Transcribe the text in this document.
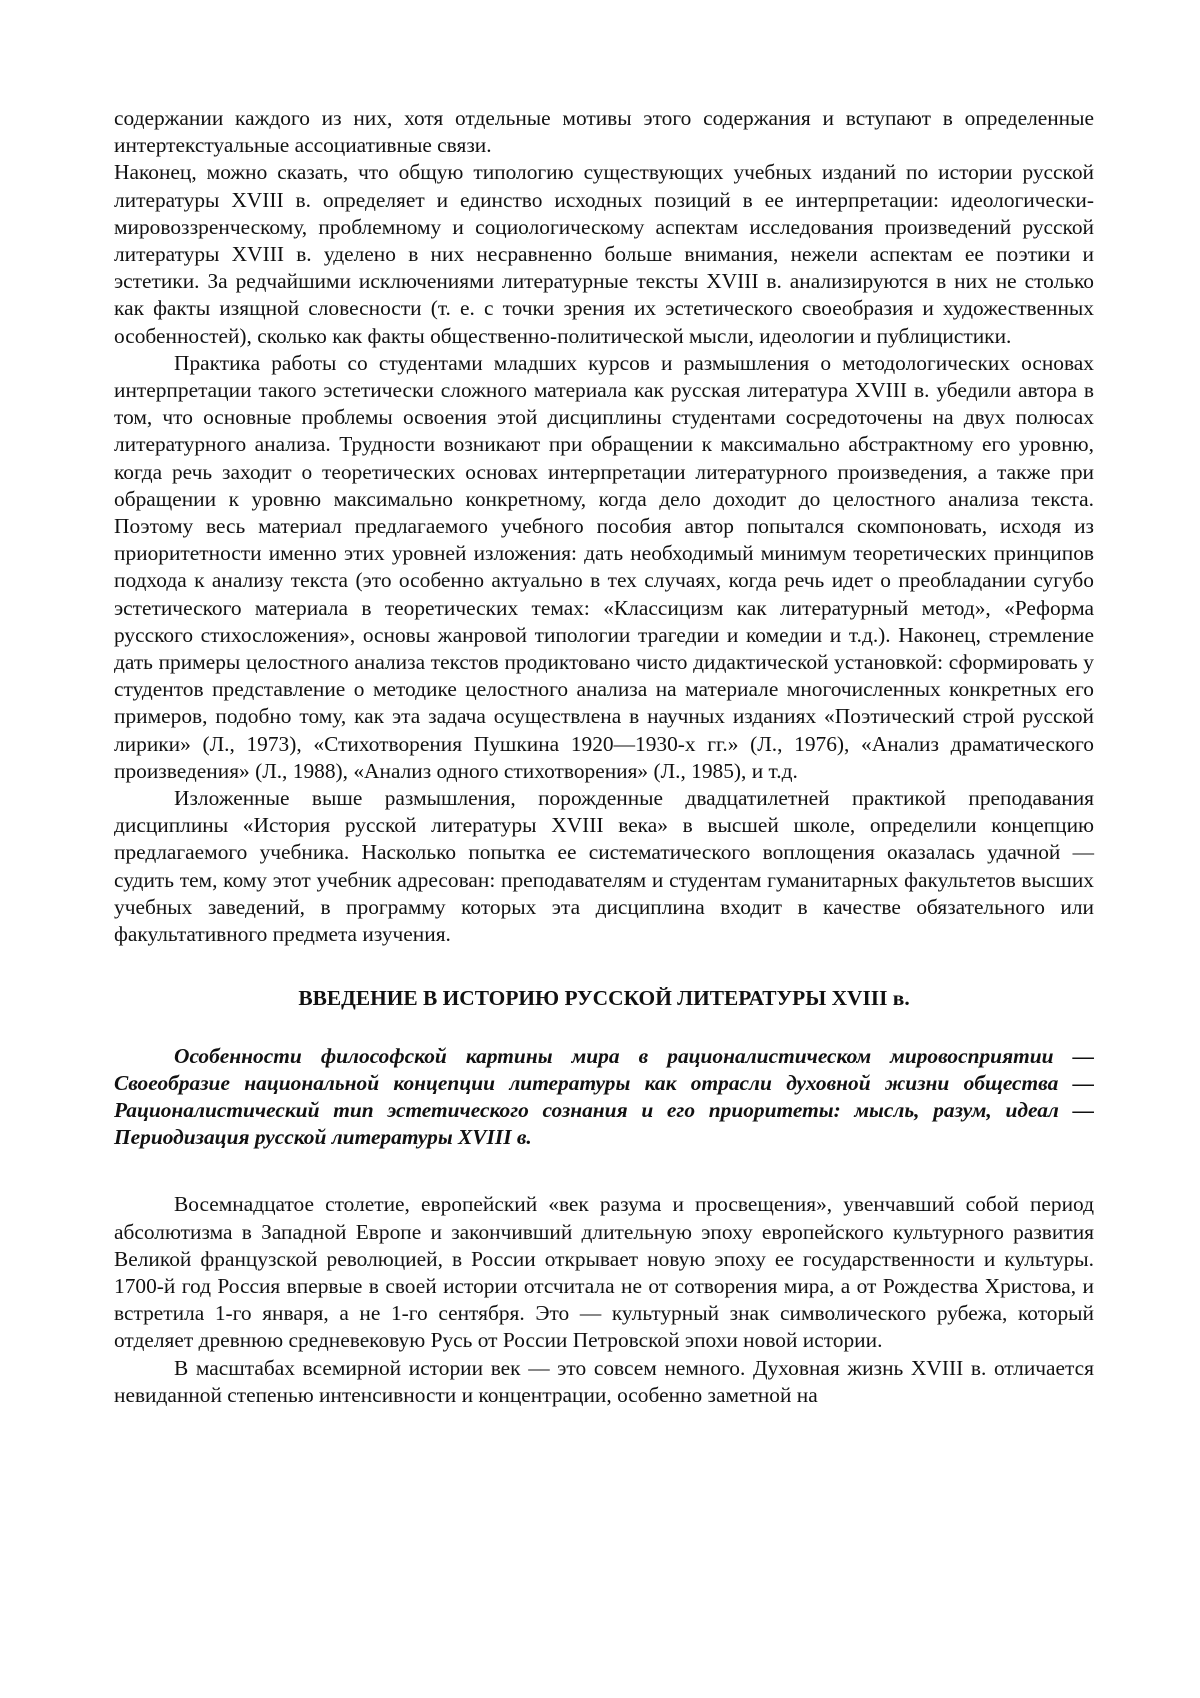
содержании каждого из них, хотя отдельные мотивы этого содержания и вступают в определенные интертекстуальные ассоциативные связи.

Наконец, можно сказать, что общую типологию существующих учебных изданий по истории русской литературы XVIII в. определяет и единство исходных позиций в ее интерпретации: идеологически-мировоззренческому, проблемному и социологическому аспектам исследования произведений русской литературы XVIII в. уделено в них несравненно больше внимания, нежели аспектам ее поэтики и эстетики. За редчайшими исключениями литературные тексты XVIII в. анализируются в них не столько как факты изящной словесности (т. е. с точки зрения их эстетического своеобразия и художественных особенностей), сколько как факты общественно-политической мысли, идеологии и публицистики.

Практика работы со студентами младших курсов и размышления о методологических основах интерпретации такого эстетически сложного материала как русская литература XVIII в. убедили автора в том, что основные проблемы освоения этой дисциплины студентами сосредоточены на двух полюсах литературного анализа. Трудности возникают при обращении к максимально абстрактному его уровню, когда речь заходит о теоретических основах интерпретации литературного произведения, а также при обращении к уровню максимально конкретному, когда дело доходит до целостного анализа текста. Поэтому весь материал предлагаемого учебного пособия автор попытался скомпоновать, исходя из приоритетности именно этих уровней изложения: дать необходимый минимум теоретических принципов подхода к анализу текста (это особенно актуально в тех случаях, когда речь идет о преобладании сугубо эстетического материала в теоретических темах: «Классицизм как литературный метод», «Реформа русского стихосложения», основы жанровой типологии трагедии и комедии и т.д.). Наконец, стремление дать примеры целостного анализа текстов продиктовано чисто дидактической установкой: сформировать у студентов представление о методике целостного анализа на материале многочисленных конкретных его примеров, подобно тому, как эта задача осуществлена в научных изданиях «Поэтический строй русской лирики» (Л., 1973), «Стихотворения Пушкина 1920—1930-х гг.» (Л., 1976), «Анализ драматического произведения» (Л., 1988), «Анализ одного стихотворения» (Л., 1985), и т.д.

Изложенные выше размышления, порожденные двадцатилетней практикой преподавания дисциплины «История русской литературы XVIII века» в высшей школе, определили концепцию предлагаемого учебника. Насколько попытка ее систематического воплощения оказалась удачной — судить тем, кому этот учебник адресован: преподавателям и студентам гуманитарных факультетов высших учебных заведений, в программу которых эта дисциплина входит в качестве обязательного или факультативного предмета изучения.

ВВЕДЕНИЕ В ИСТОРИЮ РУССКОЙ ЛИТЕРАТУРЫ XVIII в.

Особенности философской картины мира в рационалистическом мировосприятии — Своеобразие национальной концепции литературы как отрасли духовной жизни общества — Рационалистический тип эстетического сознания и его приоритеты: мысль, разум, идеал — Периодизация русской литературы XVIII в.

Восемнадцатое столетие, европейский «век разума и просвещения», увенчавший собой период абсолютизма в Западной Европе и закончивший длительную эпоху европейского культурного развития Великой французской революцией, в России открывает новую эпоху ее государственности и культуры. 1700-й год Россия впервые в своей истории отсчитала не от сотворения мира, а от Рождества Христова, и встретила 1-го января, а не 1-го сентября. Это — культурный знак символического рубежа, который отделяет древнюю средневековую Русь от России Петровской эпохи новой истории.

В масштабах всемирной истории век — это совсем немного. Духовная жизнь XVIII в. отличается невиданной степенью интенсивности и концентрации, особенно заметной на
